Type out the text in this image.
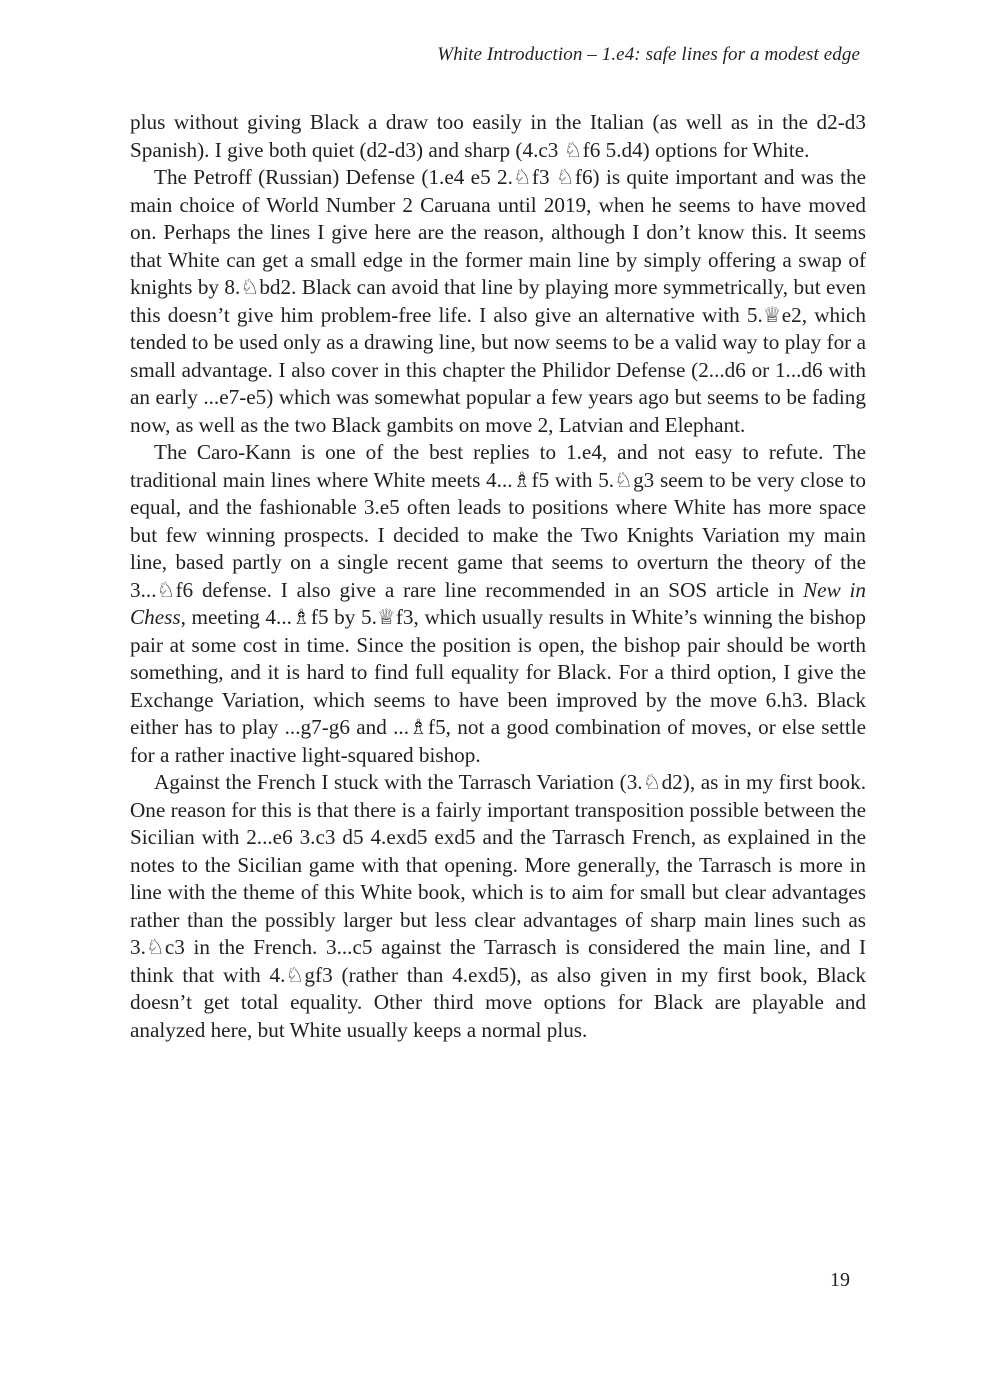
White Introduction – 1.e4: safe lines for a modest edge

plus without giving Black a draw too easily in the Italian (as well as in the d2-d3 Spanish). I give both quiet (d2-d3) and sharp (4.c3 ♘f6 5.d4) options for White.

The Petroff (Russian) Defense (1.e4 e5 2.♘f3 ♘f6) is quite important and was the main choice of World Number 2 Caruana until 2019, when he seems to have moved on. Perhaps the lines I give here are the reason, although I don’t know this. It seems that White can get a small edge in the former main line by simply offering a swap of knights by 8.♘bd2. Black can avoid that line by playing more symmetrically, but even this doesn’t give him problem-free life. I also give an alternative with 5.♕e2, which tended to be used only as a drawing line, but now seems to be a valid way to play for a small advantage. I also cover in this chapter the Philidor Defense (2...d6 or 1...d6 with an early ...e7-e5) which was somewhat popular a few years ago but seems to be fading now, as well as the two Black gambits on move 2, Latvian and Elephant.

The Caro-Kann is one of the best replies to 1.e4, and not easy to refute. The traditional main lines where White meets 4...♗f5 with 5.♘g3 seem to be very close to equal, and the fashionable 3.e5 often leads to positions where White has more space but few winning prospects. I decided to make the Two Knights Variation my main line, based partly on a single recent game that seems to overturn the theory of the 3...♘f6 defense. I also give a rare line recommended in an SOS article in New in Chess, meeting 4...♗f5 by 5.♕f3, which usually results in White’s winning the bishop pair at some cost in time. Since the position is open, the bishop pair should be worth something, and it is hard to find full equality for Black. For a third option, I give the Exchange Variation, which seems to have been improved by the move 6.h3. Black either has to play ...g7-g6 and ...♗f5, not a good combination of moves, or else settle for a rather inactive light-squared bishop.

Against the French I stuck with the Tarrasch Variation (3.♘d2), as in my first book. One reason for this is that there is a fairly important transposition possible between the Sicilian with 2...e6 3.c3 d5 4.exd5 exd5 and the Tarrasch French, as explained in the notes to the Sicilian game with that opening. More generally, the Tarrasch is more in line with the theme of this White book, which is to aim for small but clear advantages rather than the possibly larger but less clear advantages of sharp main lines such as 3.♘c3 in the French. 3...c5 against the Tarrasch is considered the main line, and I think that with 4.♘gf3 (rather than 4.exd5), as also given in my first book, Black doesn’t get total equality. Other third move options for Black are playable and analyzed here, but White usually keeps a normal plus.

19
